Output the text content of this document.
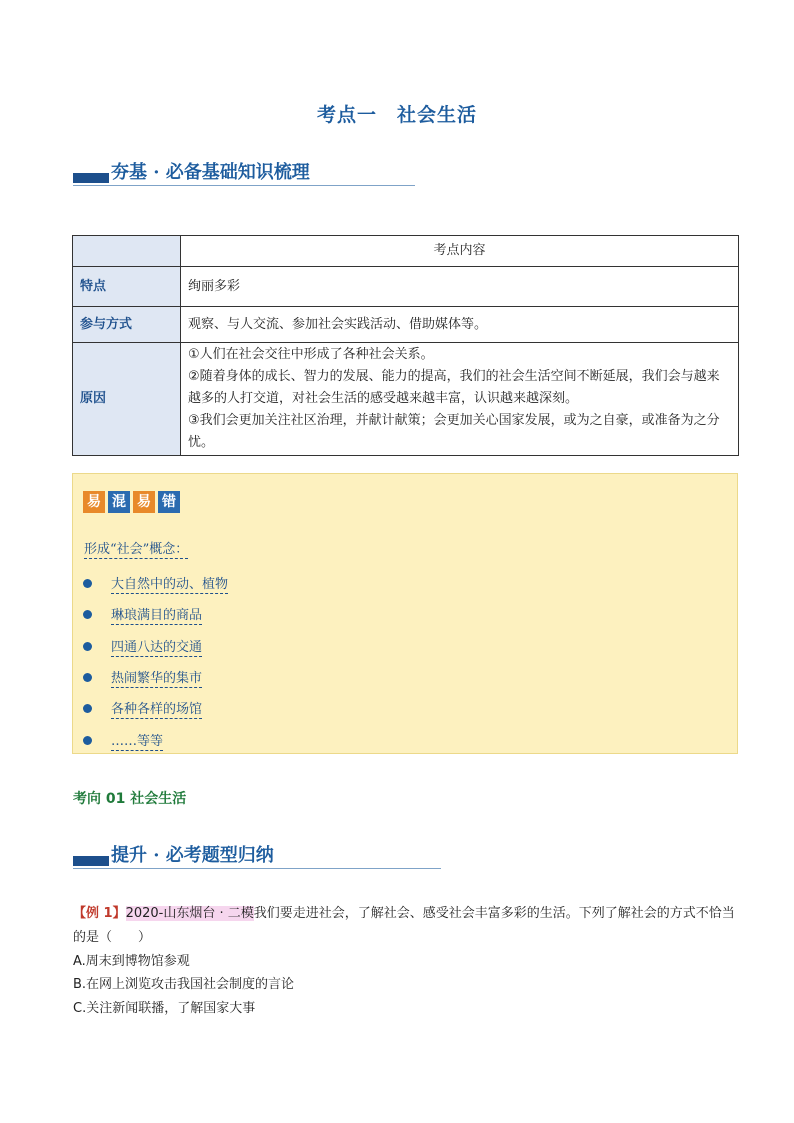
考点一　社会生活
夯基 · 必备基础知识梳理
	考点内容
特点	绚丽多彩
参与方式	观察、与人交流、参加社会实践活动、借助媒体等。
原因	①人们在社会交往中形成了各种社会关系。
②随着身体的成长、智力的发展、能力的提高，我们的社会生活空间不断延展，我们会与越来越多的人打交道，对社会生活的感受越来越丰富，认识越来越深刻。
③我们会更加关注社区治理，并献计献策；会更加关心国家发展，或为之自豪，或准备为之分忧。
易 混 易 错
形成“社会”概念：
大自然中的动、植物
琳琅满目的商品
四通八达的交通
热闹繁华的集市
各种各样的场馆
……等等
考向 01 社会生活
提升 · 必考题型归纳
【例 1】2020-山东烟台 · 二模我们要走进社会，了解社会、感受社会丰富多彩的生活。下列了解社会的方式不恰当的是（　　）
A.周末到博物馆参观
B.在网上浏览攻击我国社会制度的言论
C.关注新闻联播，了解国家大事
